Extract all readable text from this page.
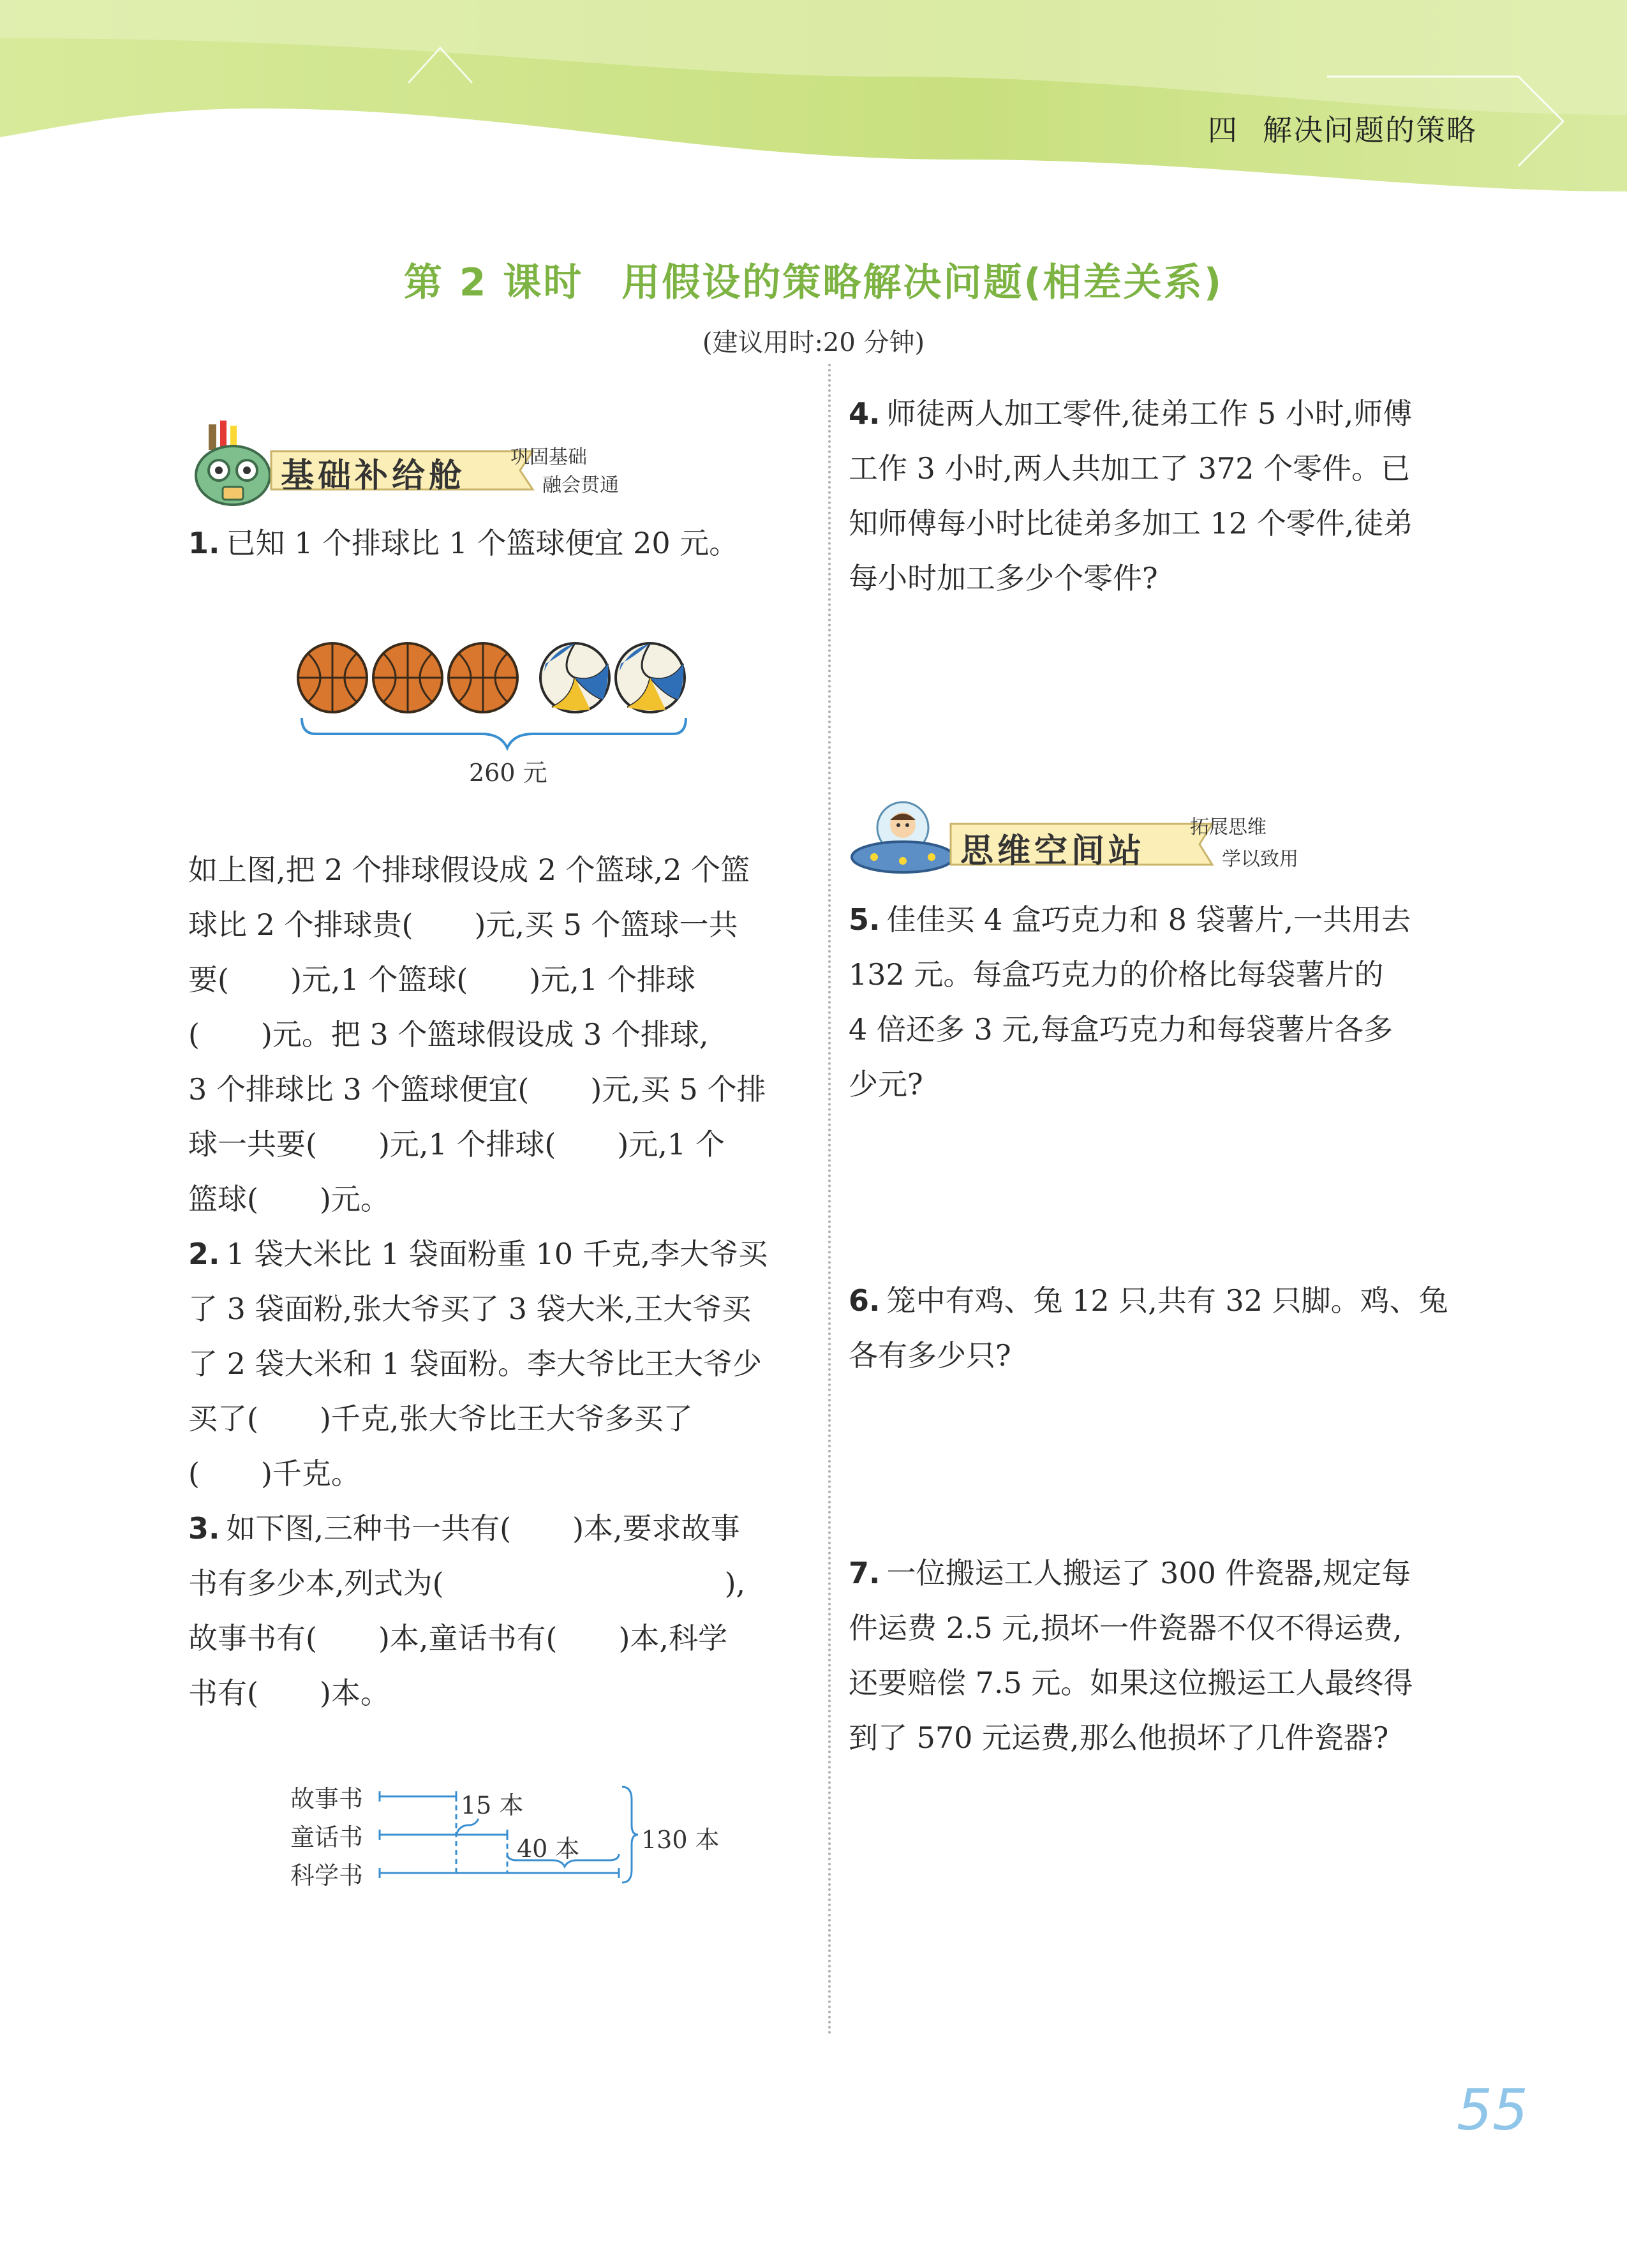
四 解决问题的策略
第 2 课时 用假设的策略解决问题(相差关系)
(建议用时:20 分钟)
基础补给舱 巩固基础
融会贯通
1. 已知 1 个排球比 1 个篮球便宜 20 元。
260 元
如上图,把 2 个排球假设成 2 个篮球,2 个篮
球比 2 个排球贵( )元,买 5 个篮球一共
要( )元,1 个篮球( )元,1 个排球
( )元。把 3 个篮球假设成 3 个排球,
3 个排球比 3 个篮球便宜( )元,买 5 个排
球一共要( )元,1 个排球( )元,1 个
篮球( )元。
2. 1 袋大米比 1 袋面粉重 10 千克,李大爷买
了 3 袋面粉,张大爷买了 3 袋大米,王大爷买
了 2 袋大米和 1 袋面粉。李大爷比王大爷少
买了( )千克,张大爷比王大爷多买了
( )千克。
3. 如下图,三种书一共有( )本,要求故事
书有多少本,列式为(	),
故事书有( )本,童话书有( )本,科学
书有( )本。
故事书
童话书
科学书
15 本
40 本	130 本
4. 师徒两人加工零件,徒弟工作 5 小时,师傅
工作 3 小时,两人共加工了 372 个零件。已
知师傅每小时比徒弟多加工 12 个零件,徒弟
每小时加工多少个零件?
思维空间站
拓展思维
学以致用
5. 佳佳买 4 盒巧克力和 8 袋薯片,一共用去
132 元。每盒巧克力的价格比每袋薯片的
4 倍还多 3 元,每盒巧克力和每袋薯片各多
少元?
6. 笼中有鸡、兔 12 只,共有 32 只脚。鸡、兔
各有多少只?
7. 一位搬运工人搬运了 300 件瓷器,规定每
件运费 2.5 元,损坏一件瓷器不仅不得运费,
还要赔偿 7.5 元。如果这位搬运工人最终得
到了 570 元运费,那么他损坏了几件瓷器?
55
